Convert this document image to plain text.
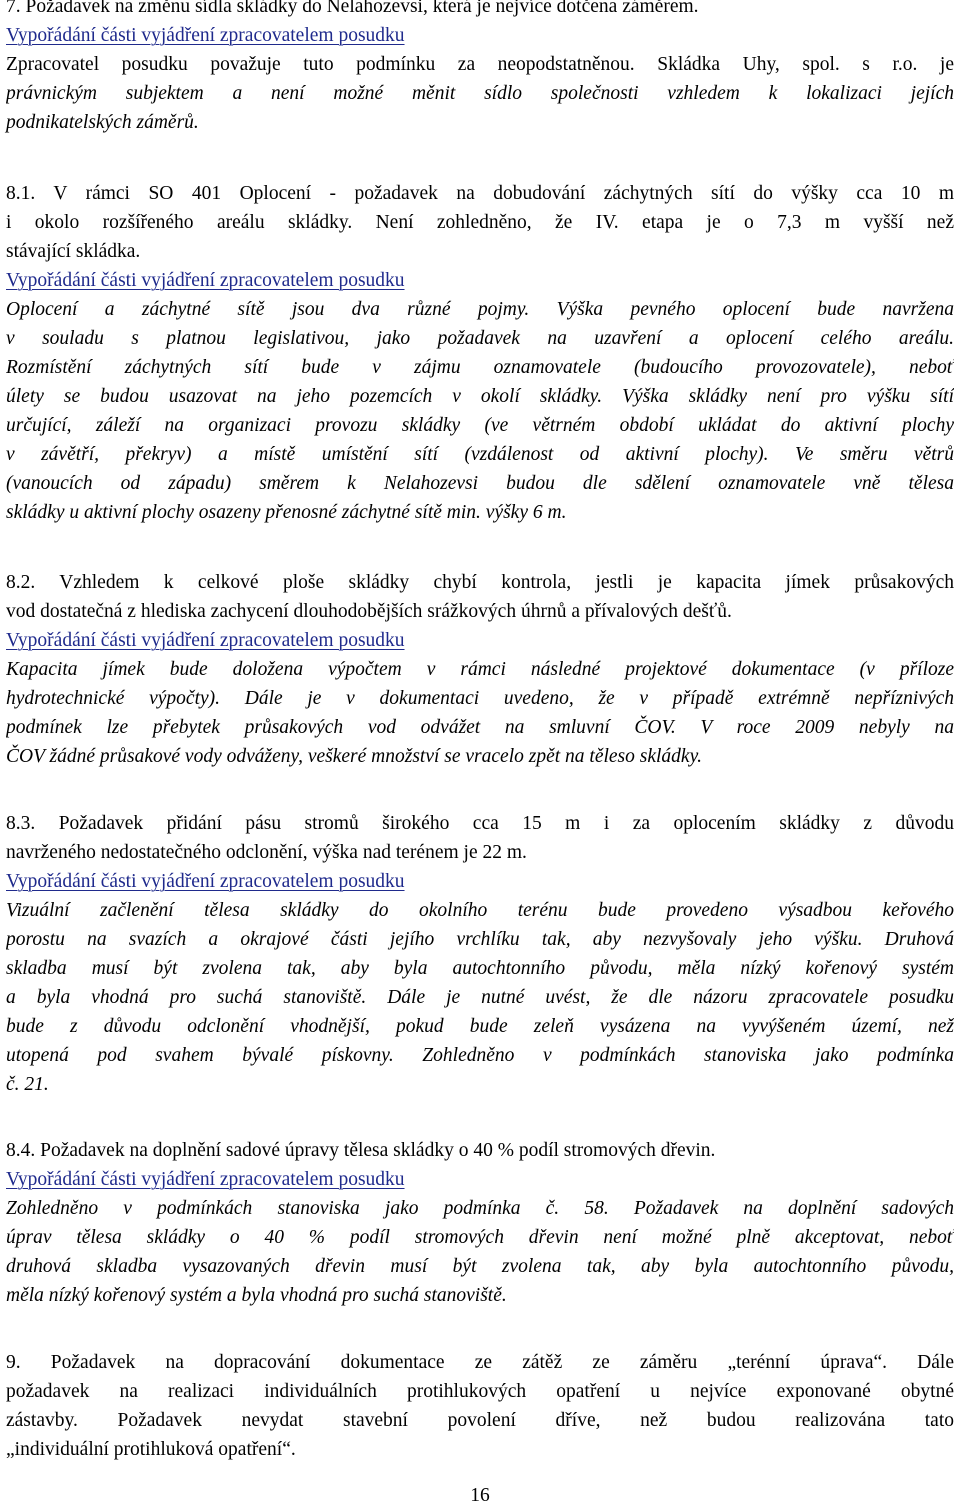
7. Požadavek na změnu sídla skládky do Nelahozevsi, která je nejvíce dotčena záměrem.
Vypořádání části vyjádření zpracovatelem posudku
Zpracovatel posudku považuje tuto podmínku za neopodstatněnou. Skládka Uhy, spol. s r.o. je
právnickým subjektem a není možné měnit sídlo společnosti vzhledem k lokalizaci jejích
podnikatelských záměrů.
8.1. V rámci SO 401 Oplocení - požadavek na dobudování záchytných sítí do výšky cca 10 m
i okolo rozšířeného areálu skládky. Není zohledněno, že IV. etapa je o 7,3 m vyšší než
stávající skládka.
Vypořádání části vyjádření zpracovatelem posudku
Oplocení a záchytné sítě jsou dva různé pojmy. Výška pevného oplocení bude navržena
v souladu s platnou legislativou, jako požadavek na uzavření a oplocení celého areálu.
Rozmístění záchytných sítí bude v zájmu oznamovatele (budoucího provozovatele), neboť
úlety se budou usazovat na jeho pozemcích v okolí skládky. Výška skládky není pro výšku sítí
určující, záleží na organizaci provozu skládky (ve větrném období ukládat do aktivní plochy
v závětří, překryv) a místě umístění sítí (vzdálenost od aktivní plochy). Ve směru větrů
(vanoucích od západu) směrem k Nelahozevsi budou dle sdělení oznamovatele vně tělesa
skládky u aktivní plochy osazeny přenosné záchytné sítě min. výšky 6 m.
8.2. Vzhledem k celkové ploše skládky chybí kontrola, jestli je kapacita jímek průsakových
vod dostatečná z hlediska zachycení dlouhodobějších srážkových úhrnů a přívalových dešťů.
Vypořádání části vyjádření zpracovatelem posudku
Kapacita jímek bude doložena výpočtem v rámci následné projektové dokumentace (v příloze
hydrotechnické výpočty). Dále je v dokumentaci uvedeno, že v případě extrémně nepříznivých
podmínek lze přebytek průsakových vod odvážet na smluvní ČOV. V roce 2009 nebyly na
ČOV žádné průsakové vody odváženy, veškeré množství se vracelo zpět na těleso skládky.
8.3. Požadavek přidání pásu stromů širokého cca 15 m i za oplocením skládky z důvodu
navrženého nedostatečného odclonění, výška nad terénem je 22 m.
Vypořádání části vyjádření zpracovatelem posudku
Vizuální začlenění tělesa skládky do okolního terénu bude provedeno výsadbou keřového
porostu na svazích a okrajové části jejího vrchlíku tak, aby nezvyšovaly jeho výšku. Druhová
skladba musí být zvolena tak, aby byla autochtonního původu, měla nízký kořenový systém
a byla vhodná pro suchá stanoviště. Dále je nutné uvést, že dle názoru zpracovatele posudku
bude z důvodu odclonění vhodnější, pokud bude zeleň vysázena na vyvýšeném území, než
utopená pod svahem bývalé pískovny. Zohledněno v podmínkách stanoviska jako podmínka
č. 21.
8.4. Požadavek na doplnění sadové úpravy tělesa skládky o 40 % podíl stromových dřevin.
Vypořádání části vyjádření zpracovatelem posudku
Zohledněno v podmínkách stanoviska jako podmínka č. 58. Požadavek na doplnění sadových
úprav tělesa skládky o 40 % podíl stromových dřevin není možné plně akceptovat, neboť
druhová skladba vysazovaných dřevin musí být zvolena tak, aby byla autochtonního původu,
měla nízký kořenový systém a byla vhodná pro suchá stanoviště.
9. Požadavek na dopracování dokumentace ze zátěž ze záměru „terénní úprava“. Dále
požadavek na realizaci individuálních protihlukových opatření u nejvíce exponované obytné
zástavby. Požadavek nevydat stavební povolení dříve, než budou realizována tato
„individuální protihluková opatření“.
16
